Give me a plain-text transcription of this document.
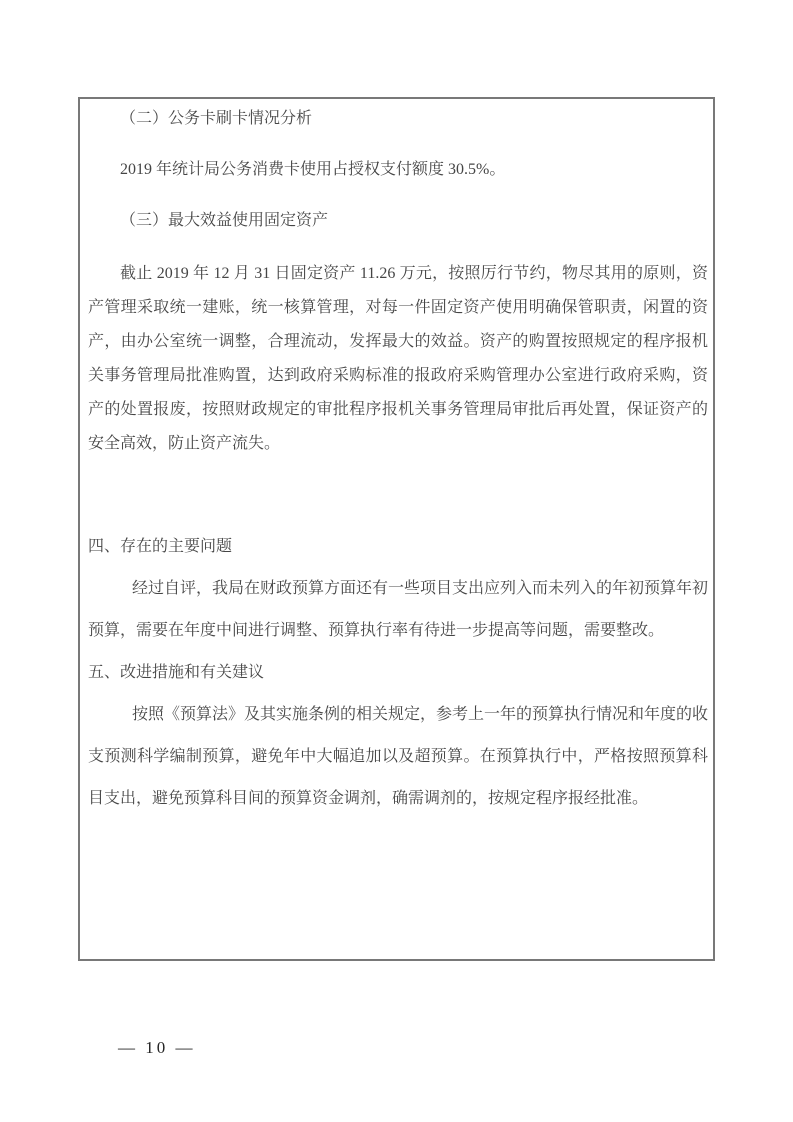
（二）公务卡刷卡情况分析

2019 年统计局公务消费卡使用占授权支付额度 30.5%。

（三）最大效益使用固定资产

截止 2019 年 12 月 31 日固定资产 11.26 万元，按照厉行节约，物尽其用的原则，资产管理采取统一建账，统一核算管理，对每一件固定资产使用明确保管职责，闲置的资产，由办公室统一调整，合理流动，发挥最大的效益。资产的购置按照规定的程序报机关事务管理局批准购置，达到政府采购标准的报政府采购管理办公室进行政府采购，资产的处置报废，按照财政规定的审批程序报机关事务管理局审批后再处置，保证资产的安全高效，防止资产流失。

四、存在的主要问题

经过自评，我局在财政预算方面还有一些项目支出应列入而未列入的年初预算年初预算，需要在年度中间进行调整、预算执行率有待进一步提高等问题，需要整改。

五、改进措施和有关建议

按照《预算法》及其实施条例的相关规定，参考上一年的预算执行情况和年度的收支预测科学编制预算，避免年中大幅追加以及超预算。在预算执行中，严格按照预算科目支出，避免预算科目间的预算资金调剂，确需调剂的，按规定程序报经批准。

— 10 —
